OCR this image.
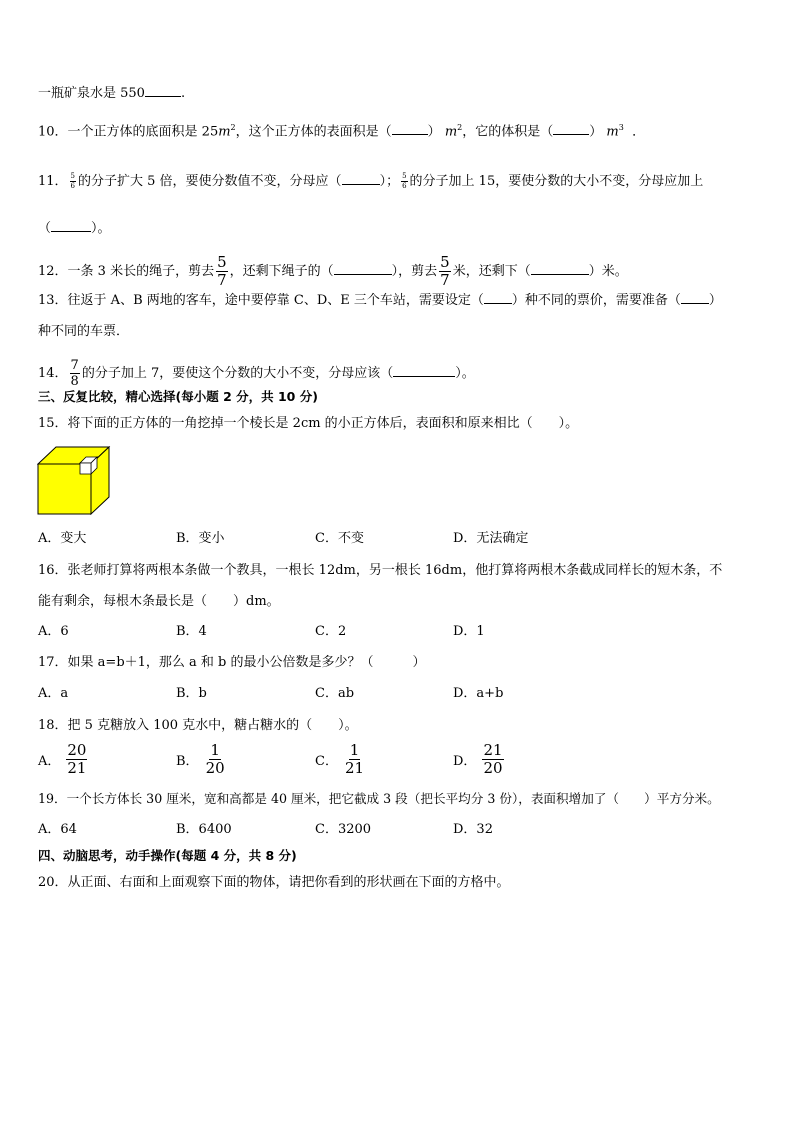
一瓶矿泉水是 550	.
10．一个正方体的底面积是 $25m^2$，这个正方体的表面积是（	） $m^2$，它的体积是（	） $m^3$ ．
11． $\frac{5}{6}$ 的分子扩大 5 倍，要使分数值不变，分母应（	）； $\frac{5}{6}$ 的分子加上 15，要使分数的大小不变，分母应加上
（	）。
12．一条 3 米长的绳子，剪去 $\frac{5}{7}$ ，还剩下绳子的（	），剪去 $\frac{5}{7}$ 米，还剩下（	）米。
13．往返于 A、B 两地的客车，途中要停靠 C、D、E 三个车站，需要设定（ ）种不同的票价，需要准备（ ）
种不同的车票．
14． $\frac{7}{8}$ 的分子加上 7，要使这个分数的大小不变，分母应该（	）。
三、反复比较，精心选择(每小题 2 分，共 10 分)
15．将下面的正方体的一角挖掉一个棱长是 2cm 的小正方体后，表面积和原来相比（　　）。
A．变大	B．变小	C．不变	D．无法确定
16．张老师打算将两根本条做一个教具，一根长 12dm，另一根长 16dm，他打算将两根木条截成同样长的短木条，不
能有剩余，每根木条最长是（　　）dm。
A．6	B．4	C．2	D．1
17．如果 a=b＋1，那么 a 和 b 的最小公倍数是多少？（　　　）
A．a	B．b	C．ab	D．a+b
18．把 5 克糖放入 100 克水中，糖占糖水的（　　）。
A． $\frac{20}{21}$	B． $\frac{1}{20}$	C． $\frac{1}{21}$	D． $\frac{21}{20}$
19．一个长方体长 30 厘米，宽和高都是 40 厘米，把它截成 3 段（把长平均分 3 份），表面积增加了（　　）平方分米。
A．64	B．6400	C．3200	D．32
四、动脑思考，动手操作(每题 4 分，共 8 分)
20．从正面、右面和上面观察下面的物体，请把你看到的形状画在下面的方格中。
